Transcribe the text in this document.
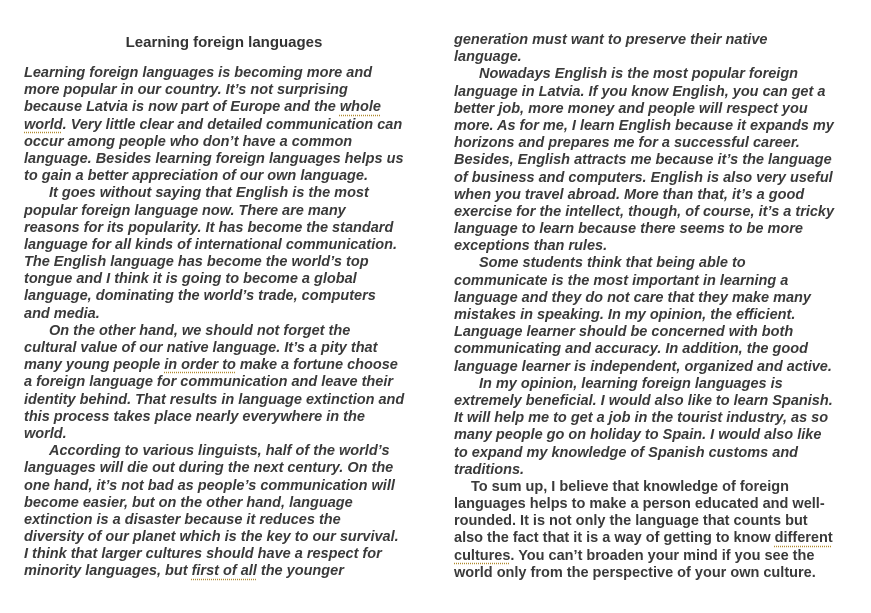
Learning foreign languages
Learning foreign languages is becoming more and
more popular in our country. It’s not surprising
because Latvia is now part of Europe and the whole
world. Very little clear and detailed communication can
occur among people who don’t have a common
language. Besides learning foreign languages helps us
to gain a better appreciation of our own language.
It goes without saying that English is the most
popular foreign language now. There are many
reasons for its popularity. It has become the standard
language for all kinds of international communication.
The English language has become the world’s top
tongue and I think it is going to become a global
language, dominating the world’s trade, computers
and media.
On the other hand, we should not forget the
cultural value of our native language. It’s a pity that
many young people in order to make a fortune choose
a foreign language for communication and leave their
identity behind. That results in language extinction and
this process takes place nearly everywhere in the
world.
According to various linguists, half of the world’s
languages will die out during the next century. On the
one hand, it’s not bad as people’s communication will
become easier, but on the other hand, language
extinction is a disaster because it reduces the
diversity of our planet which is the key to our survival.
I think that larger cultures should have a respect for
minority languages, but first of all the younger
generation must want to preserve their native
language.
Nowadays English is the most popular foreign
language in Latvia. If you know English, you can get a
better job, more money and people will respect you
more. As for me, I learn English because it expands my
horizons and prepares me for a successful career.
Besides, English attracts me because it’s the language
of business and computers. English is also very useful
when you travel abroad. More than that, it’s a good
exercise for the intellect, though, of course, it’s a tricky
language to learn because there seems to be more
exceptions than rules.
Some students think that being able to
communicate is the most important in learning a
language and they do not care that they make many
mistakes in speaking. In my opinion, the efficient.
Language learner should be concerned with both
communicating and accuracy. In addition, the good
language learner is independent, organized and active.
In my opinion, learning foreign languages is
extremely beneficial. I would also like to learn Spanish.
It will help me to get a job in the tourist industry, as so
many people go on holiday to Spain. I would also like
to expand my knowledge of Spanish customs and
traditions.
To sum up, I believe that knowledge of foreign
languages helps to make a person educated and well-
rounded. It is not only the language that counts but
also the fact that it is a way of getting to know different
cultures. You can’t broaden your mind if you see the
world only from the perspective of your own culture.
